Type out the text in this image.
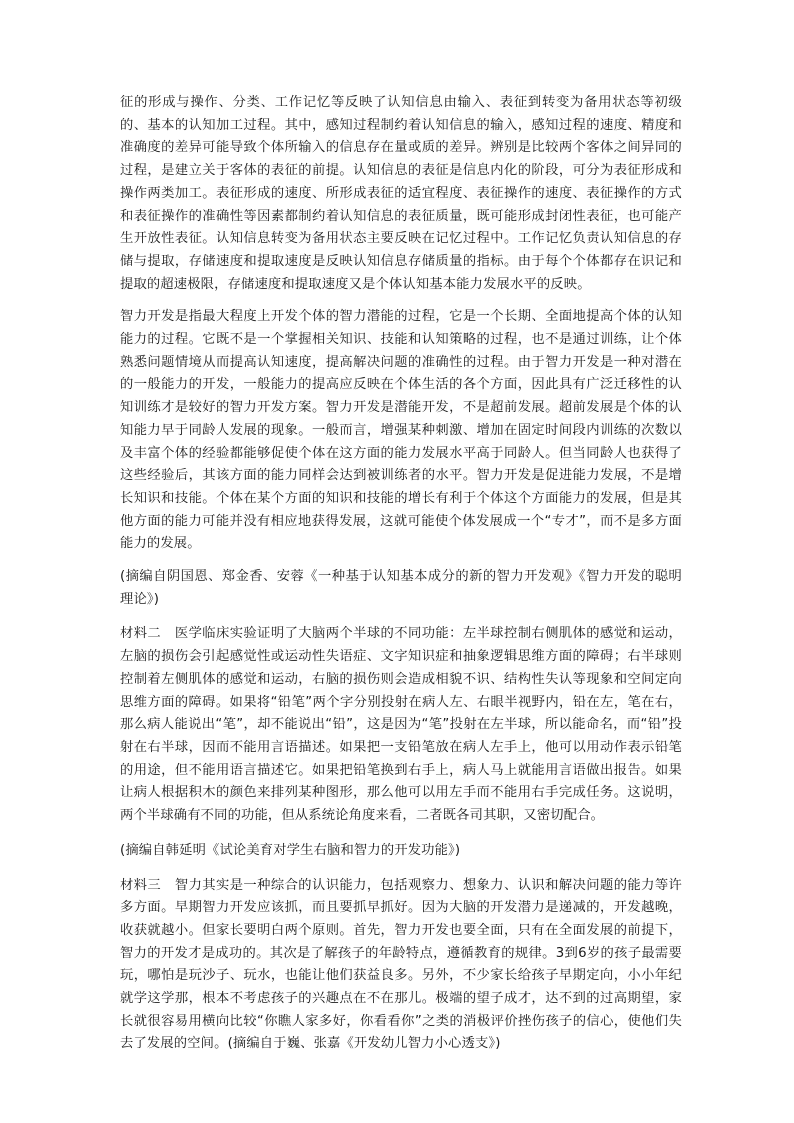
征的形成与操作、分类、工作记忆等反映了认知信息由输入、表征到转变为备用状态等初级的、基本的认知加工过程。其中，感知过程制约着认知信息的输入，感知过程的速度、精度和准确度的差异可能导致个体所输入的信息存在量或质的差异。辨别是比较两个客体之间异同的过程，是建立关于客体的表征的前提。认知信息的表征是信息内化的阶段，可分为表征形成和操作两类加工。表征形成的速度、所形成表征的适宜程度、表征操作的速度、表征操作的方式和表征操作的准确性等因素都制约着认知信息的表征质量，既可能形成封闭性表征，也可能产生开放性表征。认知信息转变为备用状态主要反映在记忆过程中。工作记忆负责认知信息的存储与提取，存储速度和提取速度是反映认知信息存储质量的指标。由于每个个体都存在识记和提取的超速极限，存储速度和提取速度又是个体认知基本能力发展水平的反映。

智力开发是指最大程度上开发个体的智力潜能的过程，它是一个长期、全面地提高个体的认知能力的过程。它既不是一个掌握相关知识、技能和认知策略的过程，也不是通过训练，让个体熟悉问题情境从而提高认知速度，提高解决问题的准确性的过程。由于智力开发是一种对潜在的一般能力的开发，一般能力的提高应反映在个体生活的各个方面，因此具有广泛迁移性的认知训练才是较好的智力开发方案。智力开发是潜能开发，不是超前发展。超前发展是个体的认知能力早于同龄人发展的现象。一般而言，增强某种刺激、增加在固定时间段内训练的次数以及丰富个体的经验都能够促使个体在这方面的能力发展水平高于同龄人。但当同龄人也获得了这些经验后，其该方面的能力同样会达到被训练者的水平。智力开发是促进能力发展，不是增长知识和技能。个体在某个方面的知识和技能的增长有利于个体这个方面能力的发展，但是其他方面的能力可能并没有相应地获得发展，这就可能使个体发展成一个“专才”，而不是多方面能力的发展。

(摘编自阴国恩、郑金香、安蓉《一种基于认知基本成分的新的智力开发观》《智力开发的聪明理论》)

材料二　医学临床实验证明了大脑两个半球的不同功能：左半球控制右侧肌体的感觉和运动，左脑的损伤会引起感觉性或运动性失语症、文字知识症和抽象逻辑思维方面的障碍；右半球则控制着左侧肌体的感觉和运动，右脑的损伤则会造成相貌不识、结构性失认等现象和空间定向思维方面的障碍。如果将“铅笔”两个字分别投射在病人左、右眼半视野内，铅在左，笔在右，那么病人能说出“笔”，却不能说出“铅”，这是因为“笔”投射在左半球，所以能命名，而“铅”投射在右半球，因而不能用言语描述。如果把一支铅笔放在病人左手上，他可以用动作表示铅笔的用途，但不能用语言描述它。如果把铅笔换到右手上，病人马上就能用言语做出报告。如果让病人根据积木的颜色来排列某种图形，那么他可以用左手而不能用右手完成任务。这说明，两个半球确有不同的功能，但从系统论角度来看，二者既各司其职，又密切配合。

(摘编自韩延明《试论美育对学生右脑和智力的开发功能》)

材料三　智力其实是一种综合的认识能力，包括观察力、想象力、认识和解决问题的能力等许多方面。早期智力开发应该抓，而且要抓早抓好。因为大脑的开发潜力是递减的，开发越晚，收获就越小。但家长要明白两个原则。首先，智力开发也要全面，只有在全面发展的前提下，智力的开发才是成功的。其次是了解孩子的年龄特点，遵循教育的规律。3到6岁的孩子最需要玩，哪怕是玩沙子、玩水，也能让他们获益良多。另外，不少家长给孩子早期定向，小小年纪就学这学那，根本不考虑孩子的兴趣点在不在那儿。极端的望子成才，达不到的过高期望，家长就很容易用横向比较“你瞧人家多好，你看看你”之类的消极评价挫伤孩子的信心，使他们失去了发展的空间。(摘编自于巍、张嘉《开发幼儿智力小心透支》)
